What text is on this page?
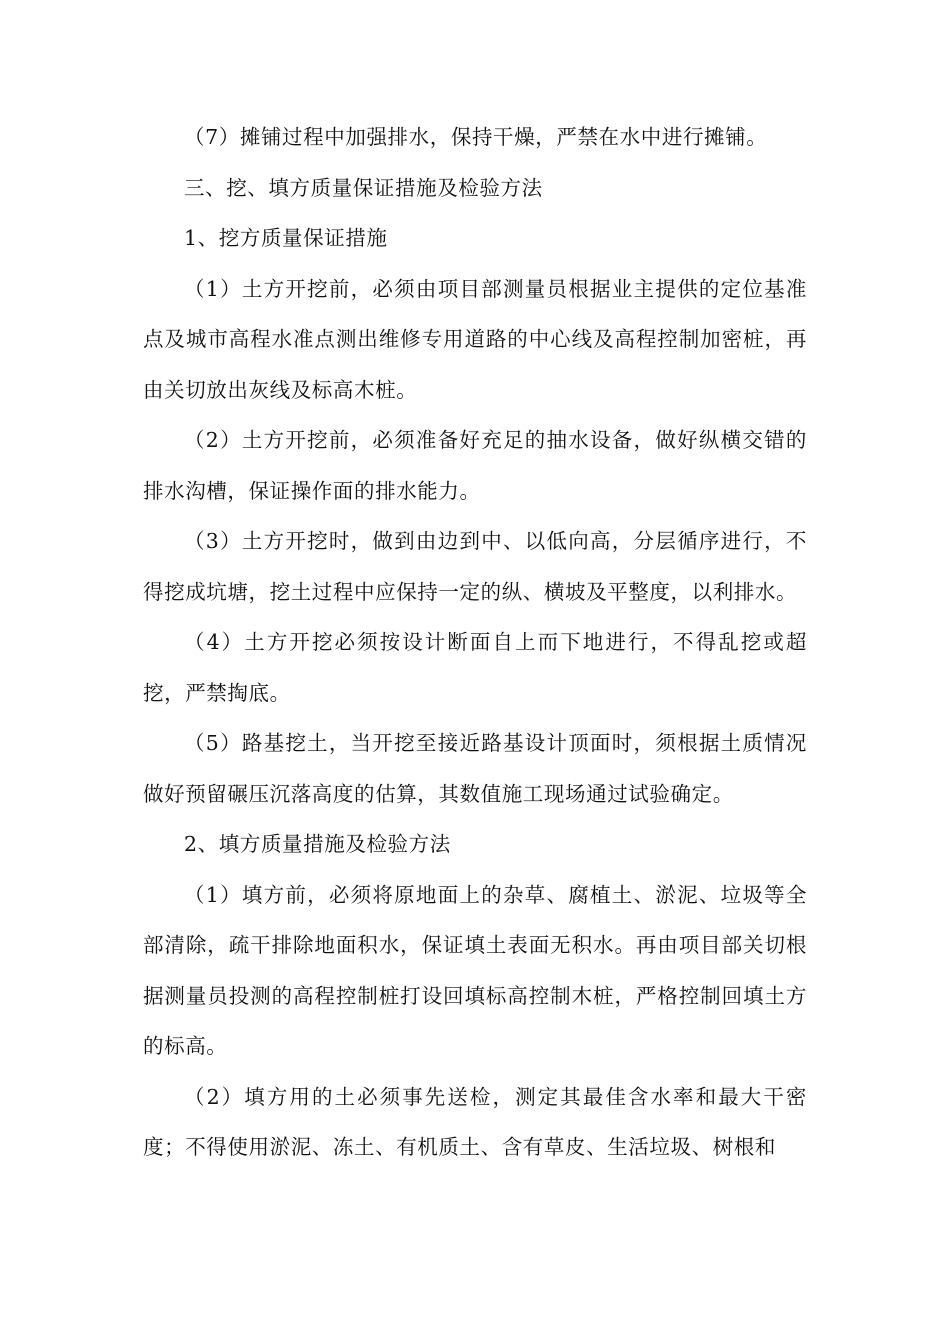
（7）摊铺过程中加强排水，保持干燥，严禁在水中进行摊铺。

三、挖、填方质量保证措施及检验方法

1、挖方质量保证措施

（1）土方开挖前，必须由项目部测量员根据业主提供的定位基准点及城市高程水准点测出维修专用道路的中心线及高程控制加密桩，再由关切放出灰线及标高木桩。

（2）土方开挖前，必须准备好充足的抽水设备，做好纵横交错的排水沟槽，保证操作面的排水能力。

（3）土方开挖时，做到由边到中、以低向高，分层循序进行，不得挖成坑塘，挖土过程中应保持一定的纵、横坡及平整度，以利排水。

（4）土方开挖必须按设计断面自上而下地进行，不得乱挖或超挖，严禁掏底。

（5）路基挖土，当开挖至接近路基设计顶面时，须根据土质情况做好预留碾压沉落高度的估算，其数值施工现场通过试验确定。

2、填方质量措施及检验方法

（1）填方前，必须将原地面上的杂草、腐植土、淤泥、垃圾等全部清除，疏干排除地面积水，保证填土表面无积水。再由项目部关切根据测量员投测的高程控制桩打设回填标高控制木桩，严格控制回填土方的标高。

（2）填方用的土必须事先送检，测定其最佳含水率和最大干密度；不得使用淤泥、冻土、有机质土、含有草皮、生活垃圾、树根和
